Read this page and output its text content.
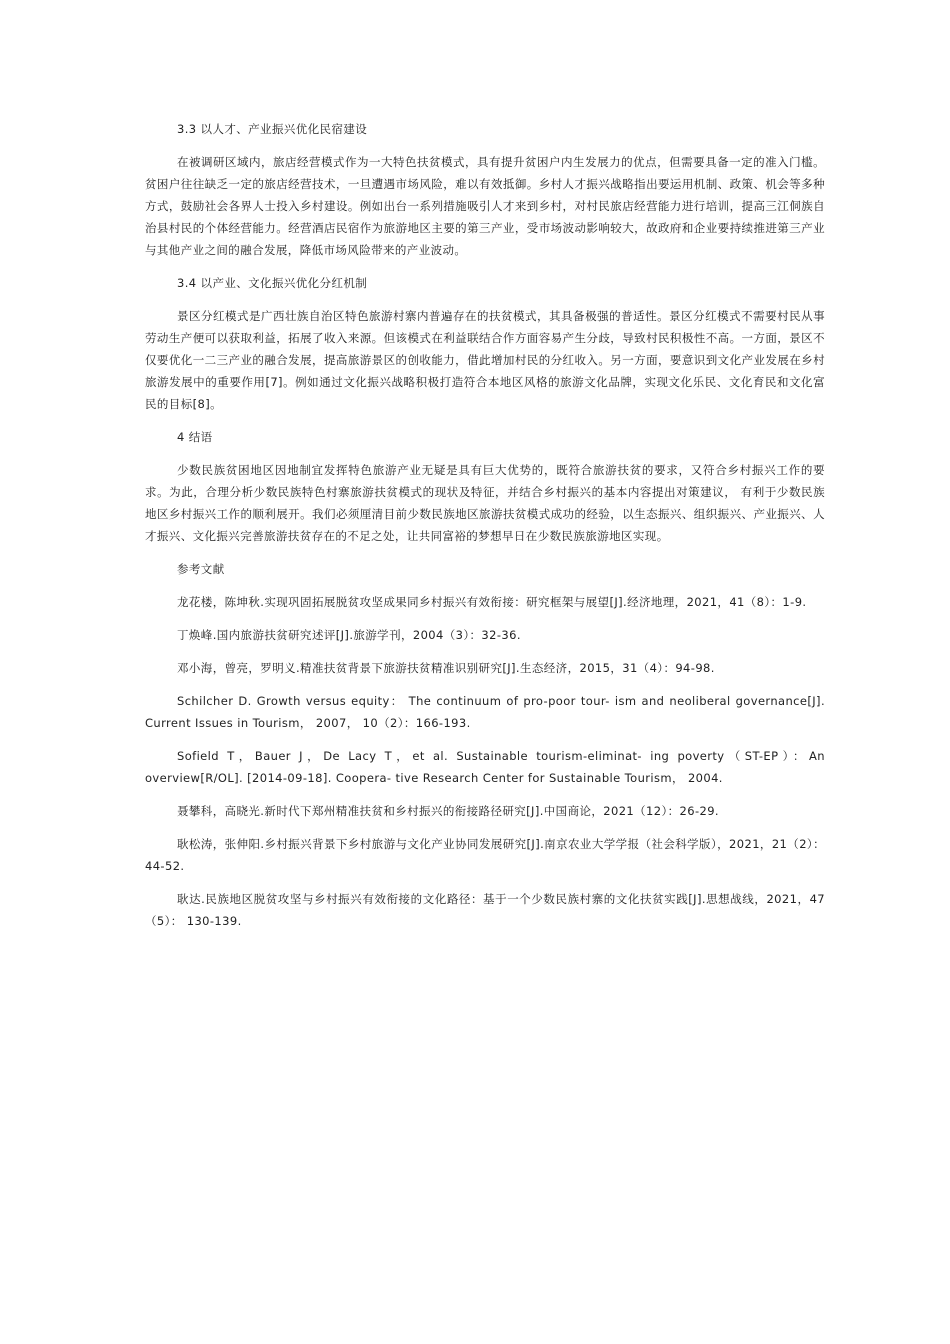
3.3 以人才、产业振兴优化民宿建设

在被调研区域内，旅店经营模式作为一大特色扶贫模式，具有提升贫困户内生发展力的优点，但需要具备一定的准入门槛。贫困户往往缺乏一定的旅店经营技术，一旦遭遇市场风险，难以有效抵御。乡村人才振兴战略指出要运用机制、政策、机会等多种方式，鼓励社会各界人士投入乡村建设。例如出台一系列措施吸引人才来到乡村，对村民旅店经营能力进行培训，提高三江侗族自治县村民的个体经营能力。经营酒店民宿作为旅游地区主要的第三产业，受市场波动影响较大，故政府和企业要持续推进第三产业与其他产业之间的融合发展，降低市场风险带来的产业波动。

3.4 以产业、文化振兴优化分红机制

景区分红模式是广西壮族自治区特色旅游村寨内普遍存在的扶贫模式，其具备极强的普适性。景区分红模式不需要村民从事劳动生产便可以获取利益，拓展了收入来源。但该模式在利益联结合作方面容易产生分歧，导致村民积极性不高。一方面，景区不仅要优化一二三产业的融合发展，提高旅游景区的创收能力，借此增加村民的分红收入。另一方面，要意识到文化产业发展在乡村旅游发展中的重要作用[7]。例如通过文化振兴战略积极打造符合本地区风格的旅游文化品牌，实现文化乐民、文化育民和文化富民的目标[8]。

4 结语

少数民族贫困地区因地制宜发挥特色旅游产业无疑是具有巨大优势的，既符合旅游扶贫的要求，又符合乡村振兴工作的要求。为此，合理分析少数民族特色村寨旅游扶贫模式的现状及特征，并结合乡村振兴的基本内容提出对策建议， 有利于少数民族地区乡村振兴工作的顺利展开。我们必须厘清目前少数民族地区旅游扶贫模式成功的经验，以生态振兴、组织振兴、产业振兴、人才振兴、文化振兴完善旅游扶贫存在的不足之处，让共同富裕的梦想早日在少数民族旅游地区实现。

参考文献

龙花楼，陈坤秋.实现巩固拓展脱贫攻坚成果同乡村振兴有效衔接：研究框架与展望[J].经济地理，2021，41（8）：1-9.

丁焕峰.国内旅游扶贫研究述评[J].旅游学刊，2004（3）：32-36.

邓小海，曾亮，罗明义.精准扶贫背景下旅游扶贫精准识别研究[J].生态经济，2015，31（4）：94-98.

Schilcher D. Growth versus equity： The continuum of pro-poor tour- ism and neoliberal governance[J]. Current Issues in Tourism， 2007， 10（2）：166-193.

Sofield T，Bauer J，De Lacy T，et al. Sustainable tourism-eliminat- ing poverty（ST-EP）：An overview[R/OL]. [2014-09-18]. Coopera- tive Research Center for Sustainable Tourism， 2004.

聂攀科，高晓光.新时代下郑州精准扶贫和乡村振兴的衔接路径研究[J].中国商论，2021（12）：26-29.

耿松涛，张伸阳.乡村振兴背景下乡村旅游与文化产业协同发展研究[J].南京农业大学学报（社会科学版），2021，21（2）：44-52.

耿达.民族地区脱贫攻坚与乡村振兴有效衔接的文化路径：基于一个少数民族村寨的文化扶贫实践[J].思想战线，2021，47（5）： 130-139.
